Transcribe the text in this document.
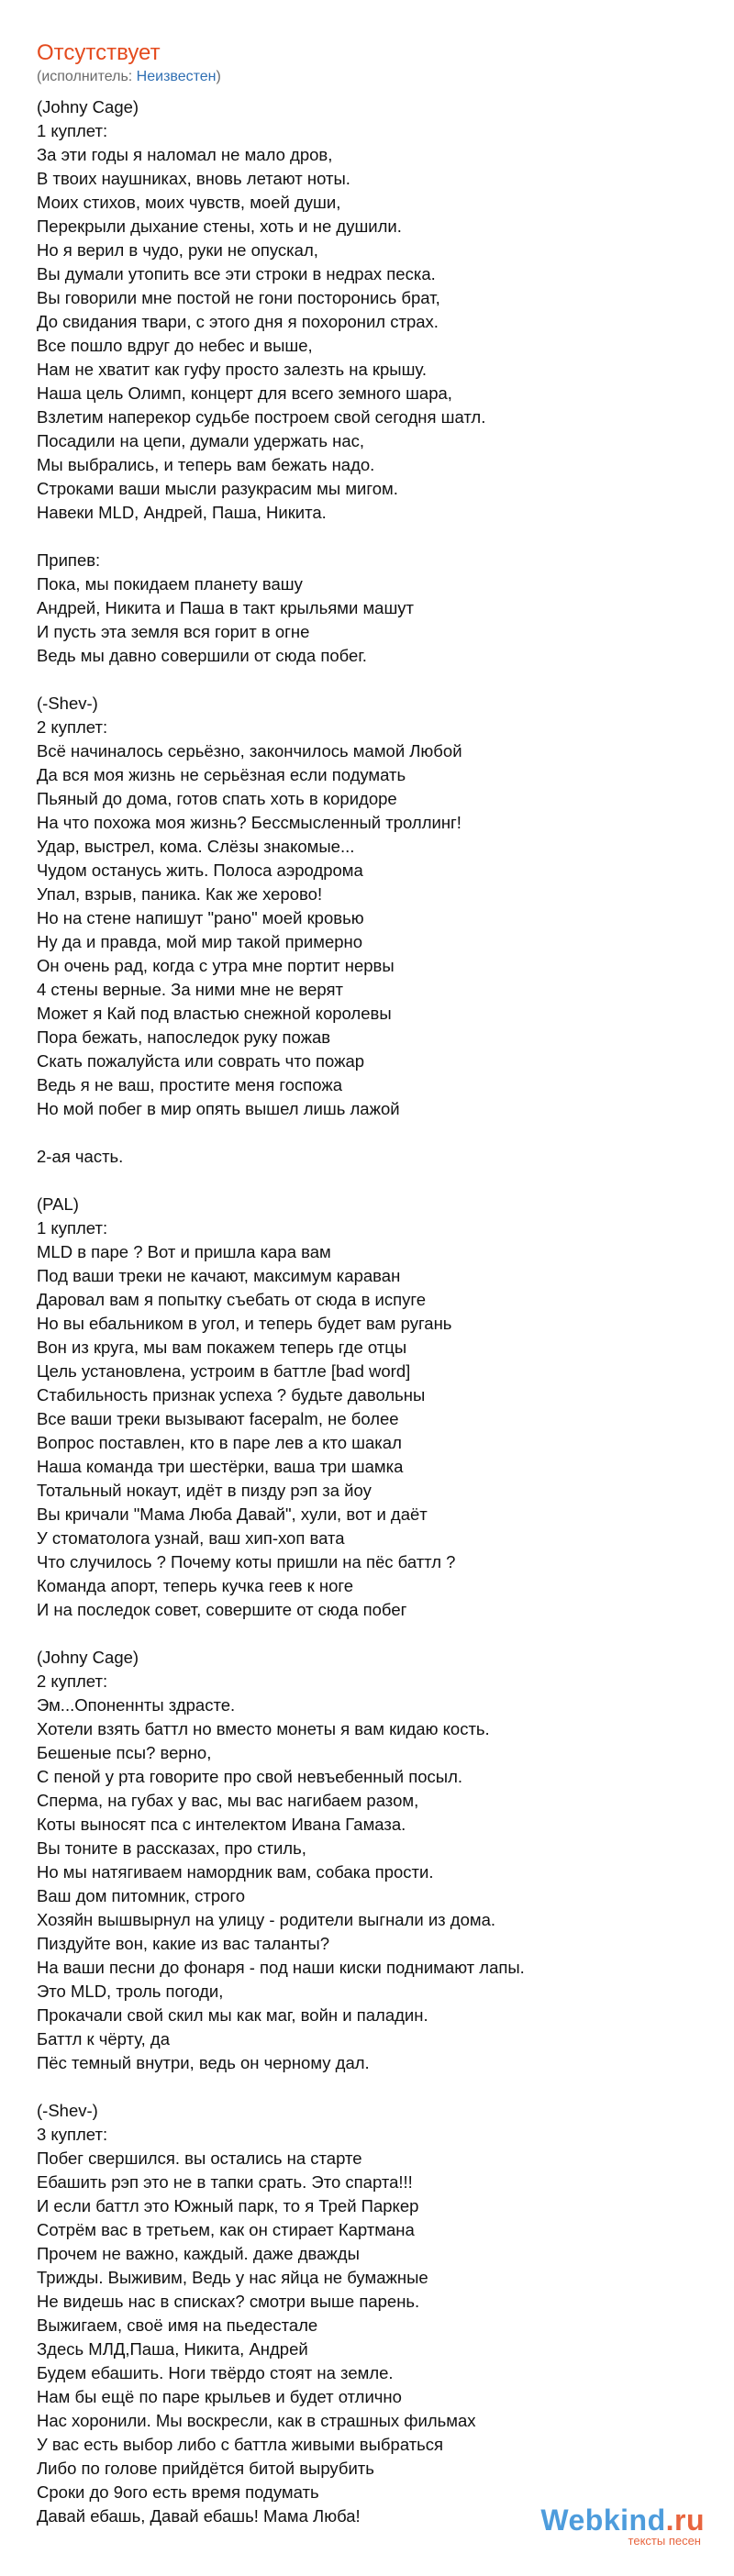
Отсутствует
(исполнитель: Неизвестен)
(Johny Cage)
1 куплет:
За эти годы я наломал не мало дров,
В твоих наушниках, вновь летают ноты.
Моих стихов, моих чувств, моей души,
Перекрыли дыхание стены, хоть и не душили.
Но я верил в чудо, руки не опускал,
Вы думали утопить все эти строки в недрах песка.
Вы говорили мне постой не гони посторонись брат,
До свидания твари, с этого дня я похоронил страх.
Все пошло вдруг до небес и выше,
Нам не хватит как гуфу просто залезть на крышу.
Наша цель Олимп, концерт для всего земного шара,
Взлетим наперекор судьбе построем свой сегодня шатл.
Посадили на цепи, думали удержать нас,
Мы выбрались, и теперь вам бежать надо.
Строками ваши мысли разукрасим мы мигом.
Навеки MLD, Андрей, Паша, Никита.
Припев:
Пока, мы покидаем планету вашу
Андрей, Никита и Паша в такт крыльями машут
И пусть эта земля вся горит в огне
Ведь мы давно совершили от сюда побег.
(-Shev-)
2 куплет:
Всё начиналось серьёзно, закончилось мамой Любой
Да вся моя жизнь не серьёзная если подумать
Пьяный до дома, готов спать хоть в коридоре
На что похожа моя жизнь? Бессмысленный троллинг!
Удар, выстрел, кома. Слёзы знакомые...
Чудом останусь жить. Полоса аэродрома
Упал, взрыв, паника. Как же херово!
Но на стене напишут "рано" моей кровью
Ну да и правда, мой мир такой примерно
Он очень рад, когда с утра мне портит нервы
4 стены верные. За ними мне не верят
Может я Кай под властью снежной королевы
Пора бежать, напоследок руку пожав
Скать пожалуйста или соврать что пожар
Ведь я не ваш, простите меня госпожа
Но мой побег в мир опять вышел лишь лажой
2-ая часть.
(PAL)
1 куплет:
MLD в паре ? Вот и пришла кара вам
Под ваши треки не качают, максимум караван
Даровал вам я попытку съебать от сюда в испуге
Но вы ебальником в угол, и теперь будет вам ругань
Вон из круга, мы вам покажем теперь где отцы
Цель установлена, устроим в баттле [bad word]
Стабильность признак успеха ? будьте давольны
Все ваши треки вызывают facepalm, не более
Вопрос поставлен, кто в паре лев а кто шакал
Наша команда три шестёрки, ваша три шамка
Тотальный нокаут, идёт в пизду рэп за йоу
Вы кричали "Мама Люба Давай", хули, вот и даёт
У стоматолога узнай, ваш хип-хоп вата
Что случилось ? Почему коты пришли на пёс баттл ?
Команда апорт, теперь кучка геев к ноге
И на последок совет, совершите от сюда побег
(Johny Cage)
2 куплет:
Эм...Опоненнты здрасте.
Хотели взять баттл но вместо монеты я вам кидаю кость.
Бешеные псы? верно,
С пеной у рта говорите про свой невъебенный посыл.
Сперма, на губах у вас, мы вас нагибаем разом,
Коты выносят пса с интелектом Ивана Гамаза.
Вы тоните в рассказах, про стиль,
Но мы натягиваем намордник вам, собака прости.
Ваш дом питомник, строго
Хозяйн вышвырнул на улицу - родители выгнали из дома.
Пиздуйте вон, какие из вас таланты?
На ваши песни до фонаря - под наши киски поднимают лапы.
Это MLD, троль погоди,
Прокачали свой скил мы как маг, войн и паладин.
Баттл к чёрту, да
Пёс темный внутри, ведь он черному дал.
(-Shev-)
3 куплет:
Побег свершился. вы остались на старте
Ебашить рэп это не в тапки срать. Это спарта!!!
И если баттл это Южный парк, то я Трей Паркер
Сотрём вас в третьем, как он стирает Картмана
Прочем не важно, каждый. даже дважды
Трижды. Выживим, Ведь у нас яйца не бумажные
Не видешь нас в списках? смотри выше парень.
Выжигаем, своё имя на пьедестале
Здесь МЛД,Паша, Никита, Андрей
Будем ебашить. Ноги твёрдо стоят на земле.
Нам бы ещё по паре крыльев и будет отлично
Нас хоронили. Мы воскресли, как в страшных фильмах
У вас есть выбор либо с баттла живыми выбраться
Либо по голове прийдётся битой вырубить
Сроки до 9ого есть время подумать
Давай ебашь, Давай ебашь! Мама Люба!	Webkind.ru
тексты песен
